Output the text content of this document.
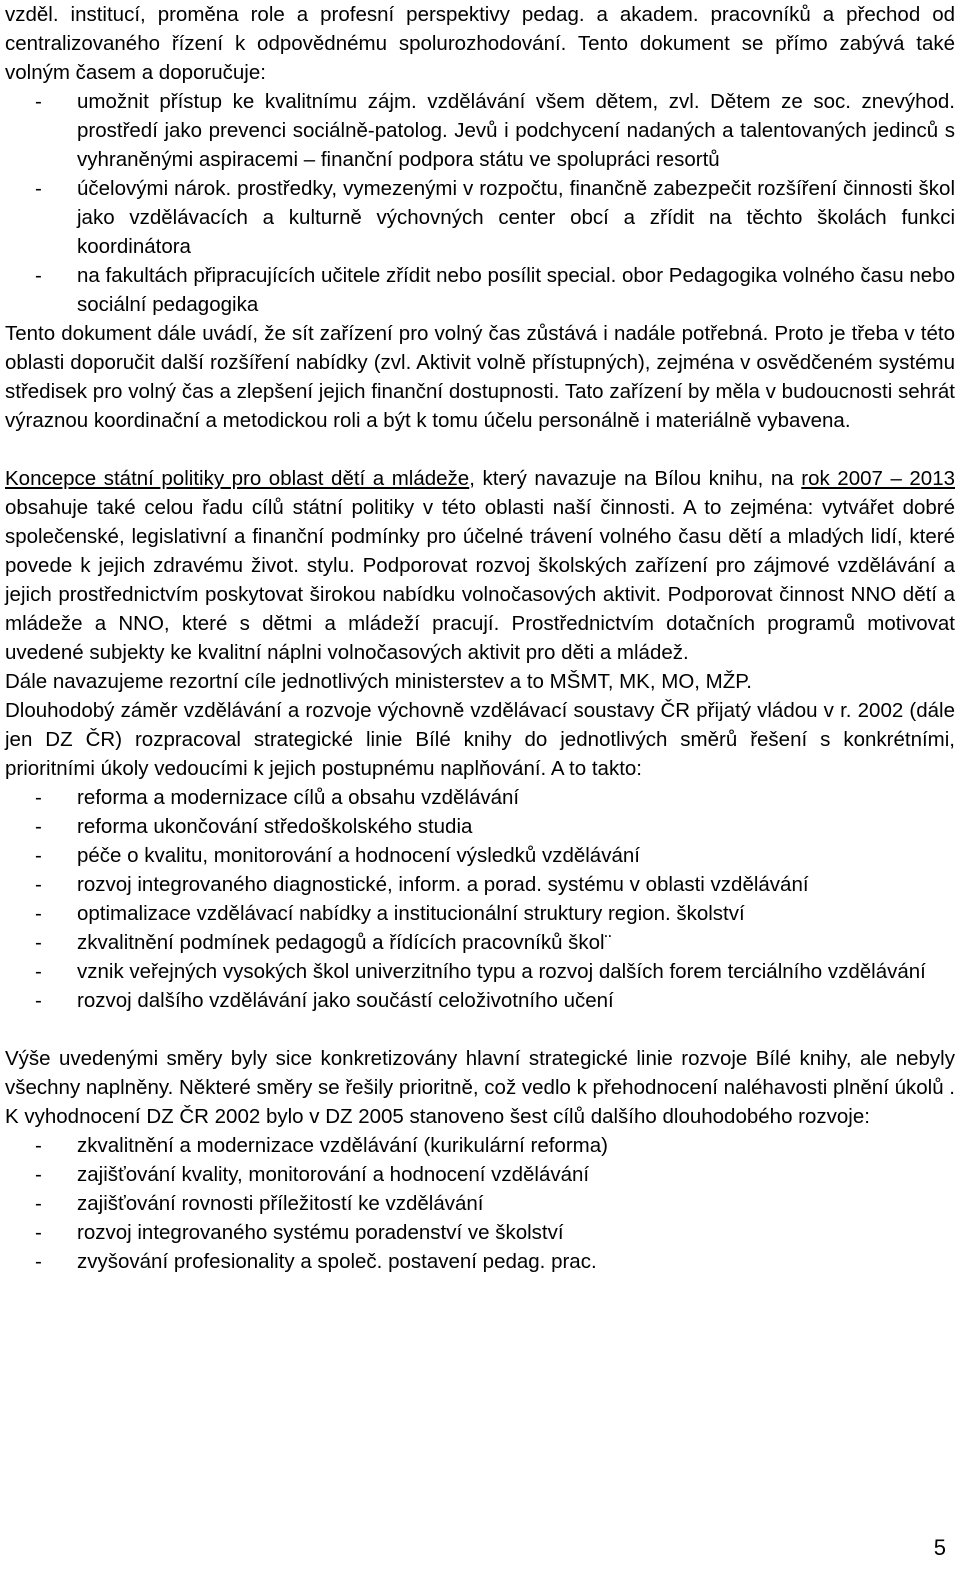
vzděl. institucí, proměna role a profesní perspektivy pedag. a akadem. pracovníků a přechod od centralizovaného řízení k odpovědnému spolurozhodování. Tento dokument se přímo zabývá také volným časem a doporučuje:

-	umožnit přístup ke kvalitnímu zájm. vzdělávání všem dětem, zvl. Dětem ze soc. znevýhod. prostředí jako prevenci sociálně-patolog. Jevů i podchycení nadaných a talentovaných jedinců s vyhraněnými aspiracemi – finanční podpora státu ve spolupráci resortů
-	účelovými nárok. prostředky, vymezenými v rozpočtu, finančně zabezpečit rozšíření činnosti škol jako vzdělávacích a kulturně výchovných center obcí a zřídit na těchto školách funkci koordinátora
-	na fakultách připracujících učitele zřídit nebo posílit special. obor Pedagogika volného času nebo sociální pedagogika

Tento dokument dále uvádí, že sít zařízení pro volný čas zůstává i nadále potřebná. Proto je třeba v této oblasti doporučit další rozšíření nabídky (zvl. Aktivit volně přístupných), zejména v osvědčeném systému středisek pro volný čas a zlepšení jejich finanční dostupnosti. Tato zařízení by měla v budoucnosti sehrát výraznou koordinační a metodickou roli a být k tomu účelu personálně i materiálně vybavena.

Koncepce státní politiky pro oblast dětí a mládeže, který navazuje na Bílou knihu, na rok 2007 – 2013 obsahuje také celou řadu cílů státní politiky v této oblasti naší činnosti. A to zejména: vytvářet dobré společenské, legislativní a finanční podmínky pro účelné trávení volného času dětí a mladých lidí, které povede k jejich zdravému život. stylu. Podporovat rozvoj školských zařízení pro zájmové vzdělávání a jejich prostřednictvím poskytovat širokou nabídku volnočasových aktivit. Podporovat činnost NNO dětí a mládeže a NNO, které s dětmi a mládeží pracují. Prostřednictvím dotačních programů motivovat uvedené subjekty ke kvalitní náplni volnočasových aktivit pro děti a mládež.

Dále navazujeme rezortní cíle jednotlivých ministerstev a to MŠMT, MK, MO, MŽP.

Dlouhodobý záměr vzdělávání a rozvoje výchovně vzdělávací soustavy ČR přijatý vládou v r. 2002 (dále jen DZ ČR) rozpracoval strategické linie Bílé knihy do jednotlivých směrů řešení s konkrétními, prioritními úkoly vedoucími k jejich postupnému naplňování. A to takto:

-	reforma a modernizace cílů a obsahu vzdělávání
-	reforma ukončování středoškolského studia
-	péče o kvalitu, monitorování a hodnocení výsledků vzdělávání
-	rozvoj integrovaného diagnostické, inform. a porad. systému v oblasti vzdělávání
-	optimalizace vzdělávací nabídky a institucionální struktury region. školství
-	zkvalitnění podmínek pedagogů a řídících pracovníků škol¨
-	vznik veřejných vysokých škol univerzitního typu a rozvoj dalších forem terciálního vzdělávání
-	rozvoj dalšího vzdělávání jako součástí celoživotního učení

Výše uvedenými směry byly sice konkretizovány hlavní strategické linie rozvoje Bílé knihy, ale nebyly všechny naplněny. Některé směry se řešily prioritně, což vedlo k přehodnocení naléhavosti plnění úkolů . K vyhodnocení DZ ČR 2002 bylo v DZ 2005 stanoveno šest cílů dalšího dlouhodobého rozvoje:

-	zkvalitnění a modernizace vzdělávání (kurikulární reforma)
-	zajišťování kvality, monitorování a hodnocení vzdělávání
-	zajišťování rovnosti příležitostí ke vzdělávání
-	rozvoj integrovaného systému poradenství ve školství
-	zvyšování profesionality a společ. postavení pedag. prac.
5
